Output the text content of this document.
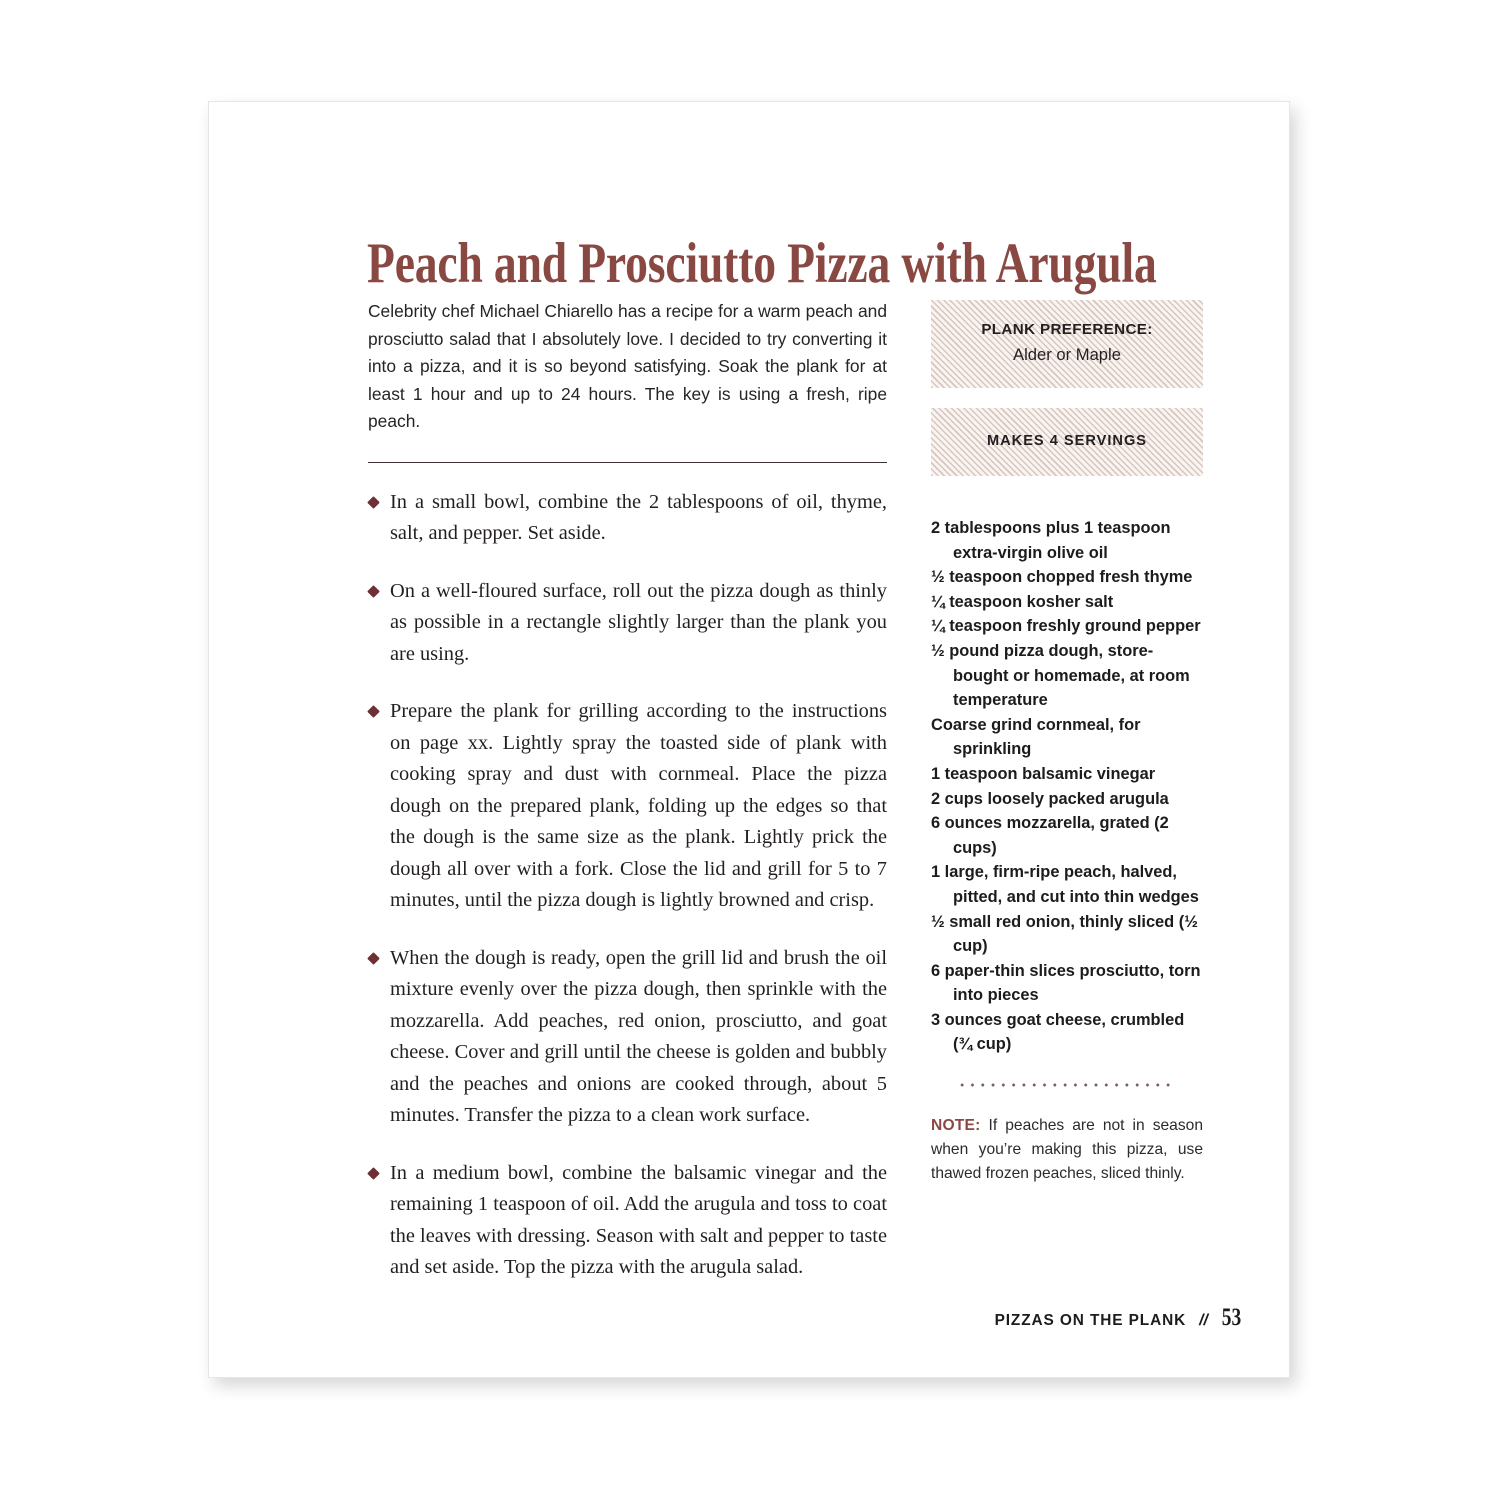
Peach and Prosciutto Pizza with Arugula

Celebrity chef Michael Chiarello has a recipe for a warm peach and prosciutto salad that I absolutely love. I decided to try converting it into a pizza, and it is so beyond satisfying. Soak the plank for at least 1 hour and up to 24 hours. The key is using a fresh, ripe peach.

In a small bowl, combine the 2 tablespoons of oil, thyme, salt, and pepper. Set aside.
On a well-floured surface, roll out the pizza dough as thinly as possible in a rectangle slightly larger than the plank you are using.
Prepare the plank for grilling according to the instructions on page xx. Lightly spray the toasted side of plank with cooking spray and dust with cornmeal. Place the pizza dough on the prepared plank, folding up the edges so that the dough is the same size as the plank. Lightly prick the dough all over with a fork. Close the lid and grill for 5 to 7 minutes, until the pizza dough is lightly browned and crisp.
When the dough is ready, open the grill lid and brush the oil mixture evenly over the pizza dough, then sprinkle with the mozzarella. Add peaches, red onion, prosciutto, and goat cheese. Cover and grill until the cheese is golden and bubbly and the peaches and onions are cooked through, about 5 minutes. Transfer the pizza to a clean work surface.
In a medium bowl, combine the balsamic vinegar and the remaining 1 teaspoon of oil. Add the arugula and toss to coat the leaves with dressing. Season with salt and pepper to taste and set aside. Top the pizza with the arugula salad.
PLANK PREFERENCE:
Alder or Maple
MAKES 4 SERVINGS
2 tablespoons plus 1 teaspoon extra-virgin olive oil
½ teaspoon chopped fresh thyme
¼ teaspoon kosher salt
¼ teaspoon freshly ground pepper
½ pound pizza dough, store-bought or homemade, at room temperature
Coarse grind cornmeal, for sprinkling
1 teaspoon balsamic vinegar
2 cups loosely packed arugula
6 ounces mozzarella, grated (2 cups)
1 large, firm-ripe peach, halved, pitted, and cut into thin wedges
½ small red onion, thinly sliced (½ cup)
6 paper-thin slices prosciutto, torn into pieces
3 ounces goat cheese, crumbled (¾ cup)

NOTE: If peaches are not in season when you’re making this pizza, use thawed frozen peaches, sliced thinly.

PIZZAS ON THE PLANK // 53
